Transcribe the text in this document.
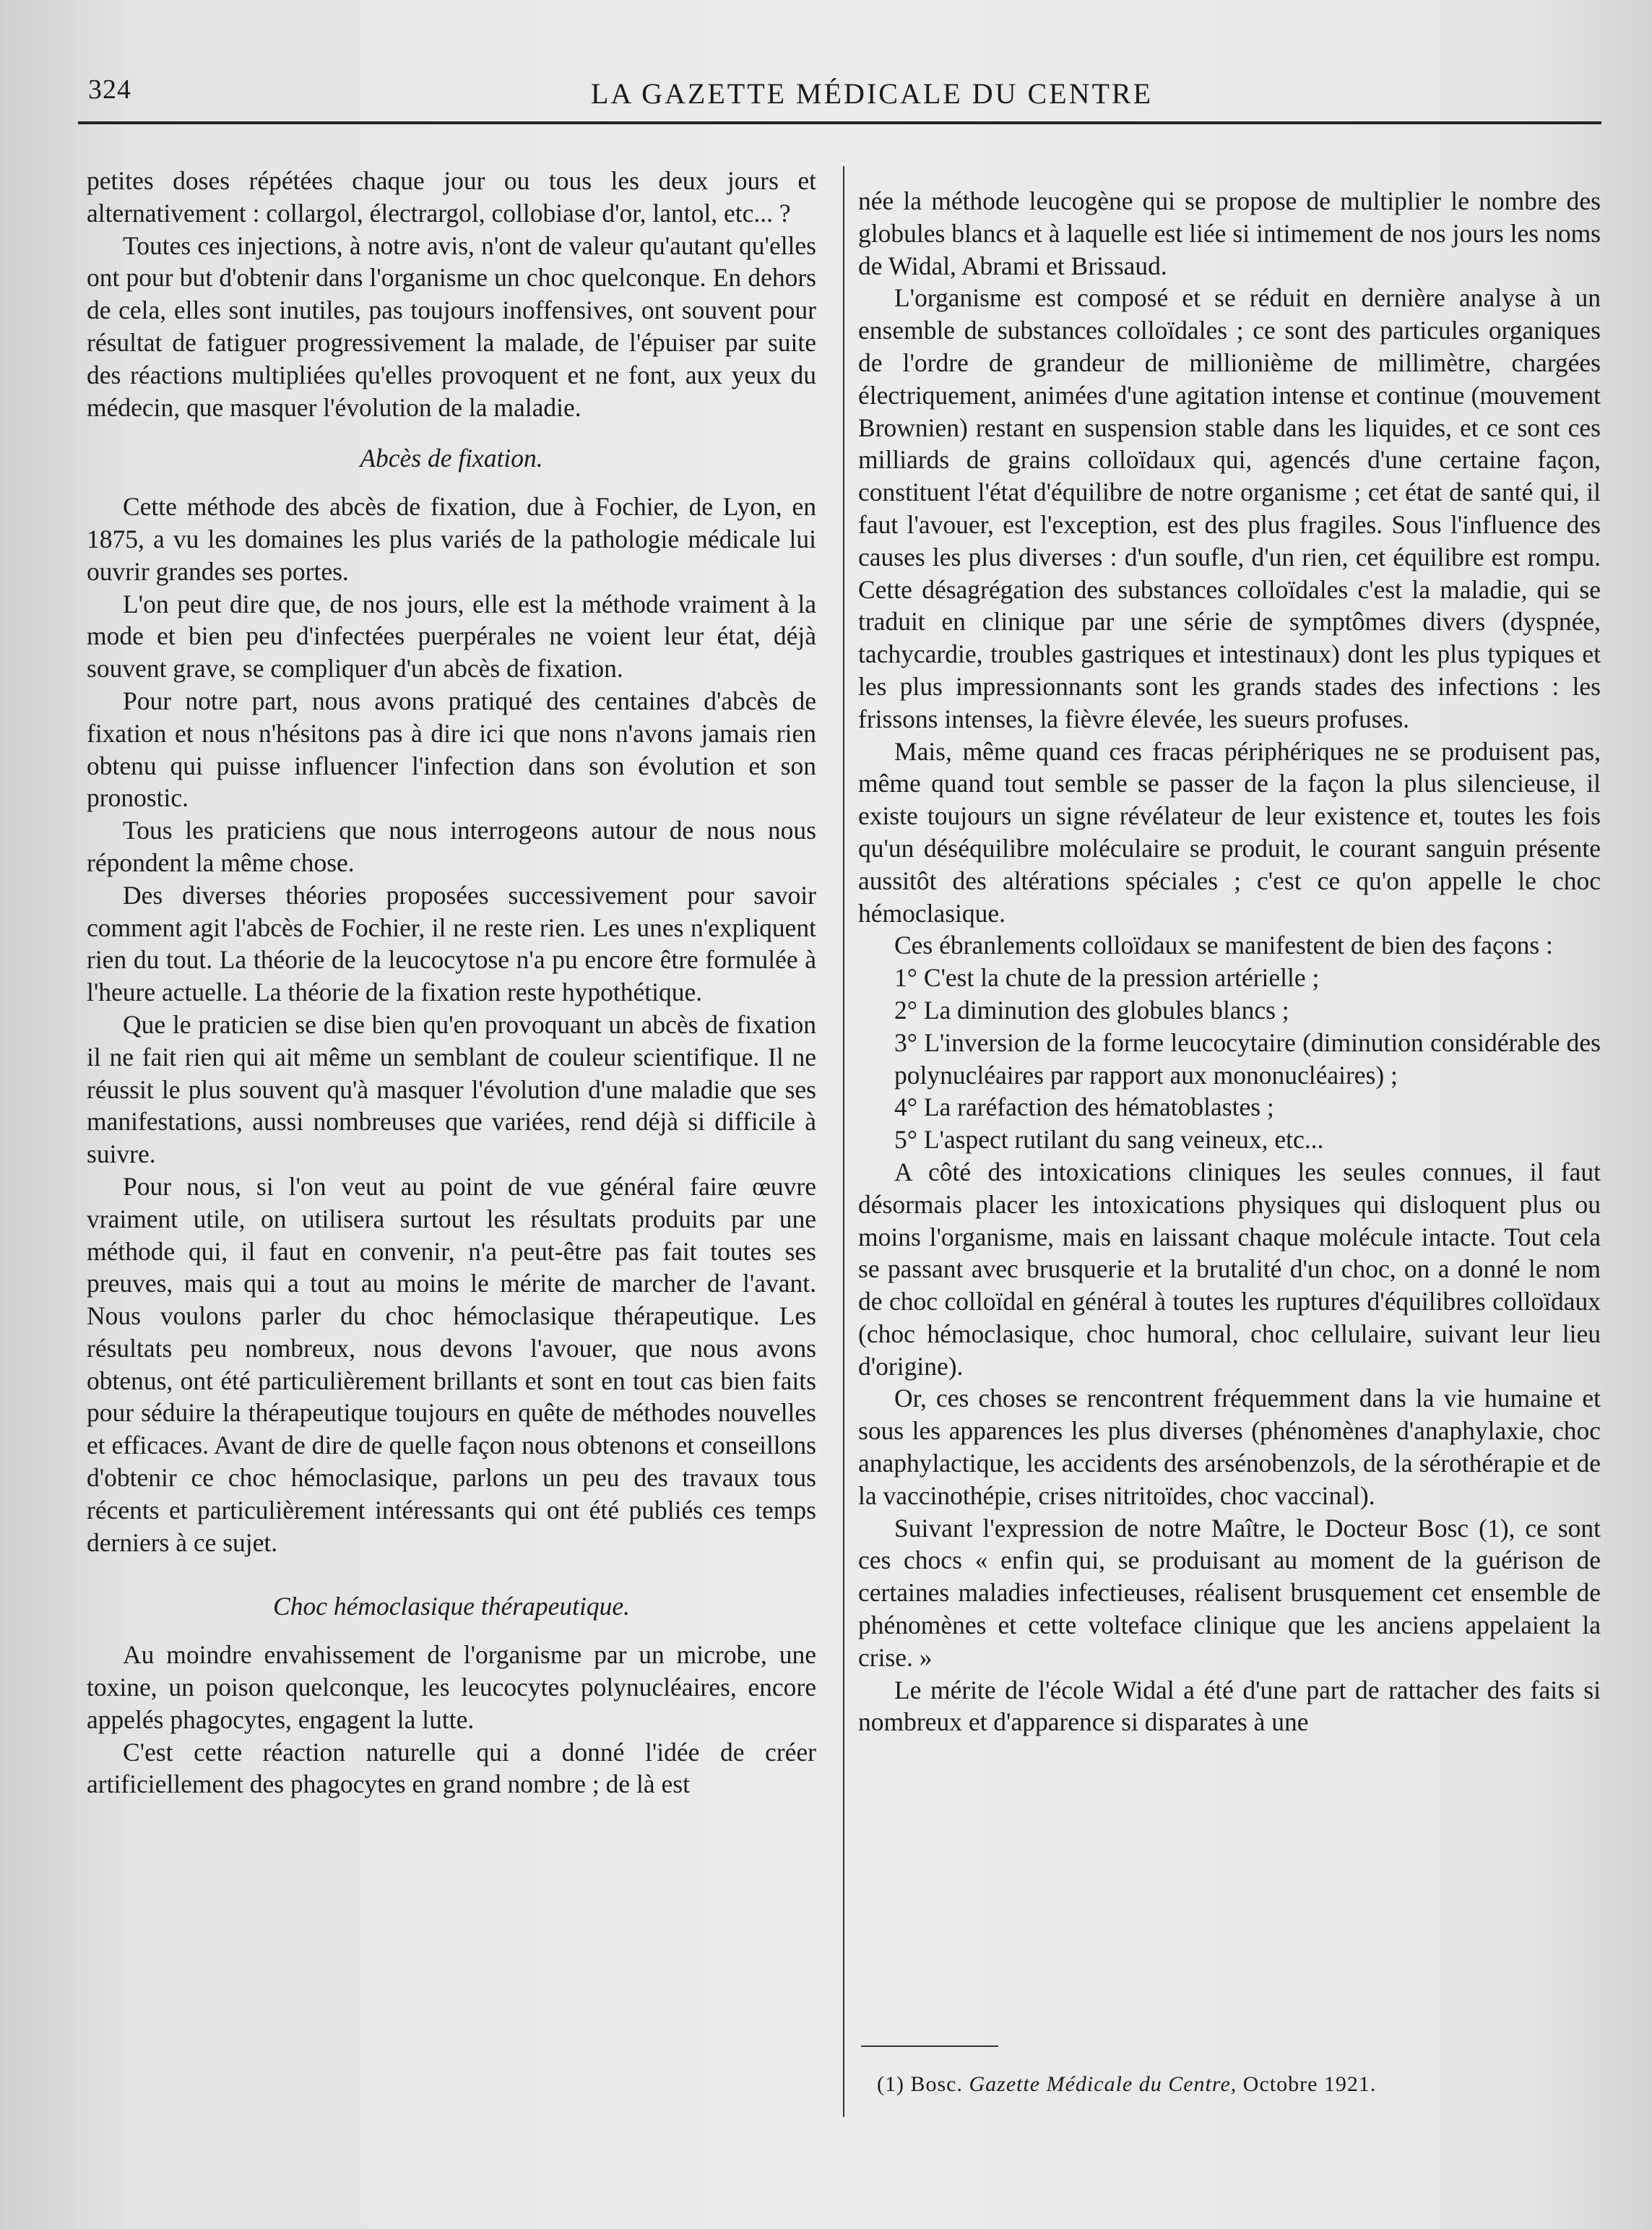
324	LA GAZETTE MÉDICALE DU CENTRE

petites doses répétées chaque jour ou tous les deux jours et alternativement : collargol, électrargol, collobiase d'or, lantol, etc... ?

Toutes ces injections, à notre avis, n'ont de valeur qu'autant qu'elles ont pour but d'obtenir dans l'organisme un choc quelconque. En dehors de cela, elles sont inutiles, pas toujours inoffensives, ont souvent pour résultat de fatiguer progressivement la malade, de l'épuiser par suite des réactions multipliées qu'elles provoquent et ne font, aux yeux du médecin, que masquer l'évolution de la maladie.

Abcès de fixation.

Cette méthode des abcès de fixation, due à Fochier, de Lyon, en 1875, a vu les domaines les plus variés de la pathologie médicale lui ouvrir grandes ses portes.

L'on peut dire que, de nos jours, elle est la méthode vraiment à la mode et bien peu d'infectées puerpérales ne voient leur état, déjà souvent grave, se compliquer d'un abcès de fixation.

Pour notre part, nous avons pratiqué des centaines d'abcès de fixation et nous n'hésitons pas à dire ici que nons n'avons jamais rien obtenu qui puisse influencer l'infection dans son évolution et son pronostic.

Tous les praticiens que nous interrogeons autour de nous nous répondent la même chose.

Des diverses théories proposées successivement pour savoir comment agit l'abcès de Fochier, il ne reste rien. Les unes n'expliquent rien du tout. La théorie de la leucocytose n'a pu encore être formulée à l'heure actuelle. La théorie de la fixation reste hypothétique.

Que le praticien se dise bien qu'en provoquant un abcès de fixation il ne fait rien qui ait même un semblant de couleur scientifique. Il ne réussit le plus souvent qu'à masquer l'évolution d'une maladie que ses manifestations, aussi nombreuses que variées, rend déjà si difficile à suivre.

Pour nous, si l'on veut au point de vue général faire œuvre vraiment utile, on utilisera surtout les résultats produits par une méthode qui, il faut en convenir, n'a peut-être pas fait toutes ses preuves, mais qui a tout au moins le mérite de marcher de l'avant. Nous voulons parler du choc hémoclasique thérapeutique. Les résultats peu nombreux, nous devons l'avouer, que nous avons obtenus, ont été particulièrement brillants et sont en tout cas bien faits pour séduire la thérapeutique toujours en quête de méthodes nouvelles et efficaces. Avant de dire de quelle façon nous obtenons et conseillons d'obtenir ce choc hémoclasique, parlons un peu des travaux tous récents et particulièrement intéressants qui ont été publiés ces temps derniers à ce sujet.

Choc hémoclasique thérapeutique.

Au moindre envahissement de l'organisme par un microbe, une toxine, un poison quelconque, les leucocytes polynucléaires, encore appelés phagocytes, engagent la lutte.

C'est cette réaction naturelle qui a donné l'idée de créer artificiellement des phagocytes en grand nombre ; de là est

née la méthode leucogène qui se propose de multiplier le nombre des globules blancs et à laquelle est liée si intimement de nos jours les noms de Widal, Abrami et Brissaud.

L'organisme est composé et se réduit en dernière analyse à un ensemble de substances colloïdales ; ce sont des particules organiques de l'ordre de grandeur de millionième de millimètre, chargées électriquement, animées d'une agitation intense et continue (mouvement Brownien) restant en suspension stable dans les liquides, et ce sont ces milliards de grains colloïdaux qui, agencés d'une certaine façon, constituent l'état d'équilibre de notre organisme ; cet état de santé qui, il faut l'avouer, est l'exception, est des plus fragiles. Sous l'influence des causes les plus diverses : d'un soufle, d'un rien, cet équilibre est rompu. Cette désagrégation des substances colloïdales c'est la maladie, qui se traduit en clinique par une série de symptômes divers (dyspnée, tachycardie, troubles gastriques et intestinaux) dont les plus typiques et les plus impressionnants sont les grands stades des infections : les frissons intenses, la fièvre élevée, les sueurs profuses.

Mais, même quand ces fracas périphériques ne se produisent pas, même quand tout semble se passer de la façon la plus silencieuse, il existe toujours un signe révélateur de leur existence et, toutes les fois qu'un déséquilibre moléculaire se produit, le courant sanguin présente aussitôt des altérations spéciales ; c'est ce qu'on appelle le choc hémoclasique.

Ces ébranlements colloïdaux se manifestent de bien des façons :

1° C'est la chute de la pression artérielle ;

2° La diminution des globules blancs ;

3° L'inversion de la forme leucocytaire (diminution considérable des polynucléaires par rapport aux mononucléaires) ;

4° La raréfaction des hématoblastes ;

5° L'aspect rutilant du sang veineux, etc...

A côté des intoxications cliniques les seules connues, il faut désormais placer les intoxications physiques qui disloquent plus ou moins l'organisme, mais en laissant chaque molécule intacte. Tout cela se passant avec brusquerie et la brutalité d'un choc, on a donné le nom de choc colloïdal en général à toutes les ruptures d'équilibres colloïdaux (choc hémoclasique, choc humoral, choc cellulaire, suivant leur lieu d'origine).

Or, ces choses se rencontrent fréquemment dans la vie humaine et sous les apparences les plus diverses (phénomènes d'anaphylaxie, choc anaphylactique, les accidents des arsénobenzols, de la sérothérapie et de la vaccinothépie, crises nitritoïdes, choc vaccinal).

Suivant l'expression de notre Maître, le Docteur Bosc (1), ce sont ces chocs « enfin qui, se produisant au moment de la guérison de certaines maladies infectieuses, réalisent brusquement cet ensemble de phénomènes et cette volteface clinique que les anciens appelaient la crise. »

Le mérite de l'école Widal a été d'une part de rattacher des faits si nombreux et d'apparence si disparates à une

(1) Bosc. Gazette Médicale du Centre, Octobre 1921.
